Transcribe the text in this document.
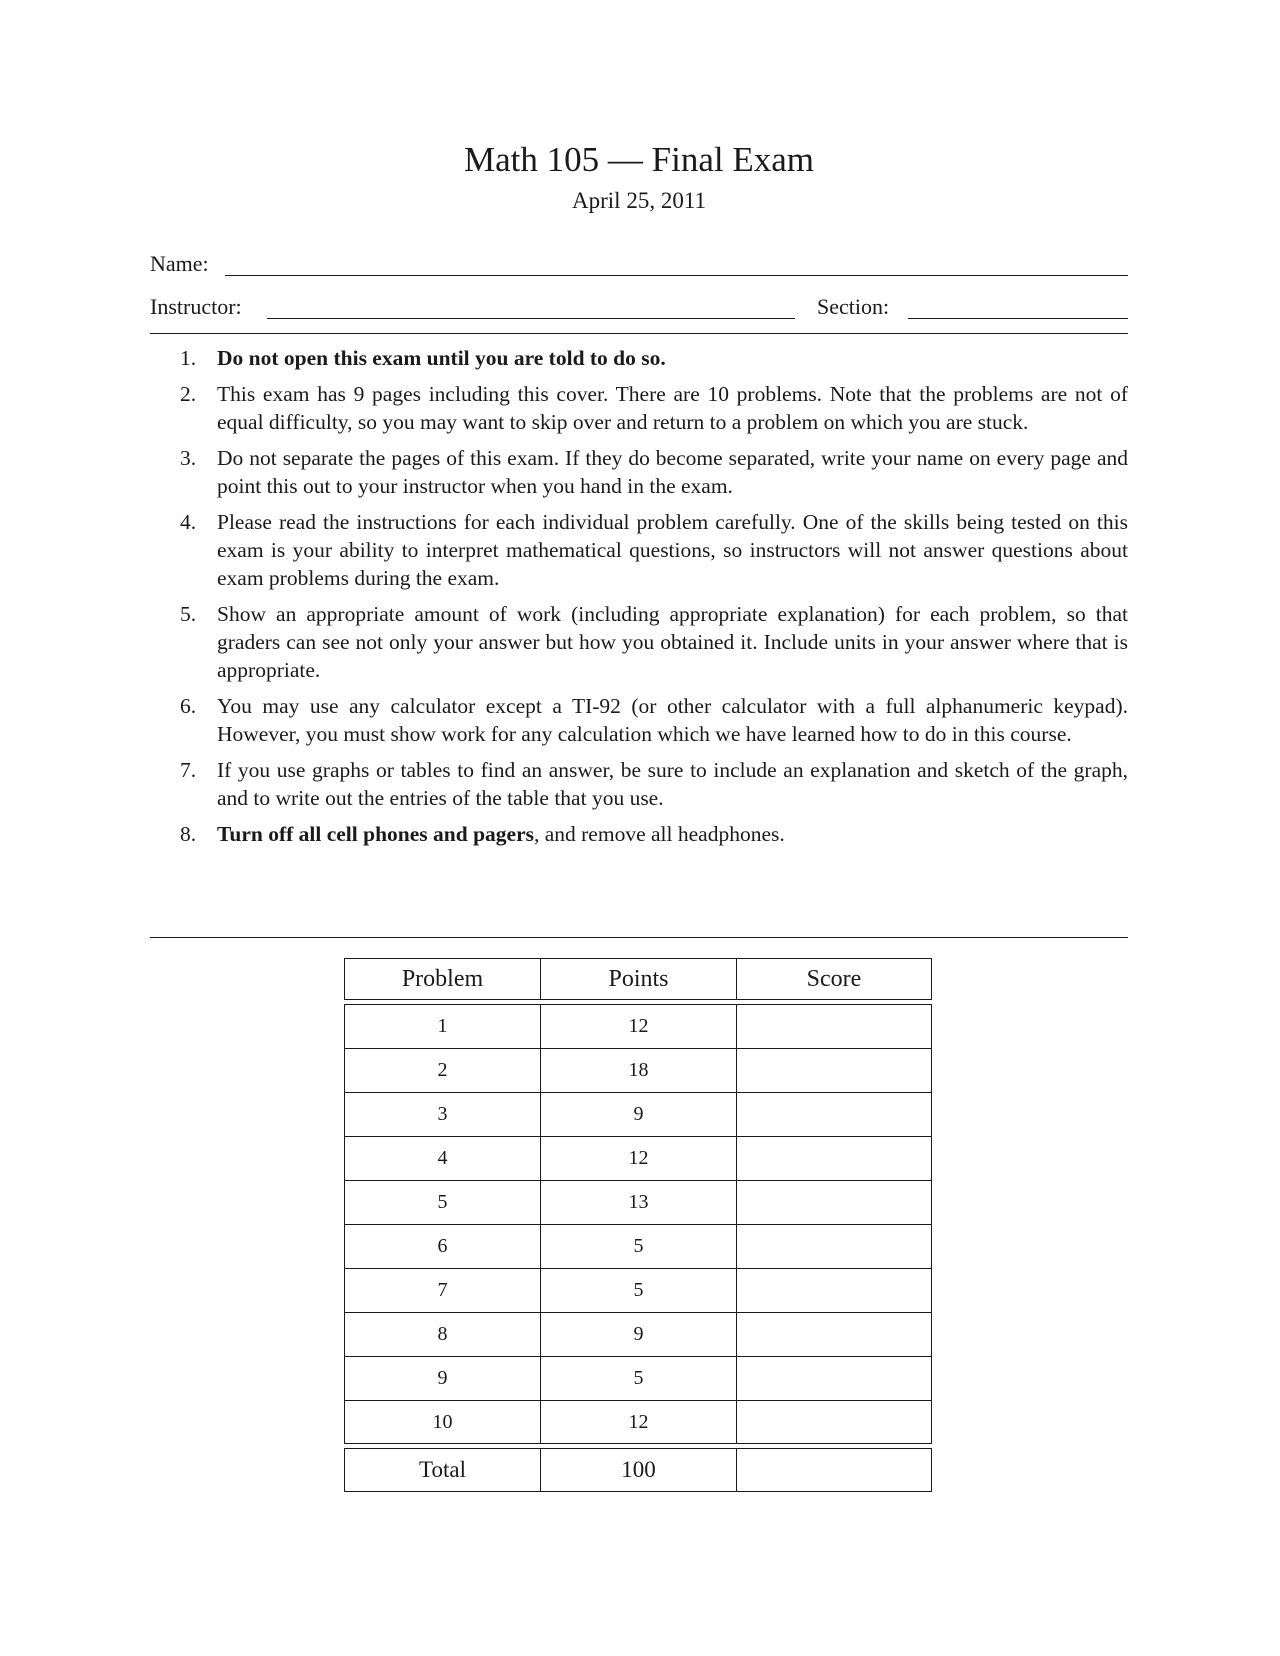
Math 105 — Final Exam
April 25, 2011
Name:
Instructor:	Section:
1. Do not open this exam until you are told to do so.
2. This exam has 9 pages including this cover. There are 10 problems. Note that the problems are not of equal difficulty, so you may want to skip over and return to a problem on which you are stuck.
3. Do not separate the pages of this exam. If they do become separated, write your name on every page and point this out to your instructor when you hand in the exam.
4. Please read the instructions for each individual problem carefully. One of the skills being tested on this exam is your ability to interpret mathematical questions, so instructors will not answer questions about exam problems during the exam.
5. Show an appropriate amount of work (including appropriate explanation) for each problem, so that graders can see not only your answer but how you obtained it. Include units in your answer where that is appropriate.
6. You may use any calculator except a TI-92 (or other calculator with a full alphanumeric keypad). However, you must show work for any calculation which we have learned how to do in this course.
7. If you use graphs or tables to find an answer, be sure to include an explanation and sketch of the graph, and to write out the entries of the table that you use.
8. Turn off all cell phones and pagers, and remove all headphones.
Problem	Points	Score

1	12	
2	18	
3	9	
4	12	
5	13	
6	5	
7	5	
8	9	
9	5	
10	12	

Total	100	
